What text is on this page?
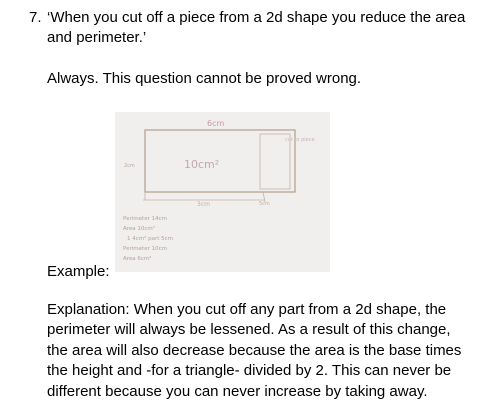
7. ‘When you cut off a piece from a 2d shape you reduce the area and perimeter.’
Always. This question cannot be proved wrong.
6cm
cut to piece
10cm²
2cm
3cm	5cm
Perimeter 14cm
Area 10cm²
1 4cm² part 5cm
Perimeter 10cm
Area 6cm²
Example:
Explanation: When you cut off any part from a 2d shape, the perimeter will always be lessened. As a result of this change, the area will also decrease because the area is the base times the height and -for a triangle- divided by 2. This can never be different because you can never increase by taking away.
